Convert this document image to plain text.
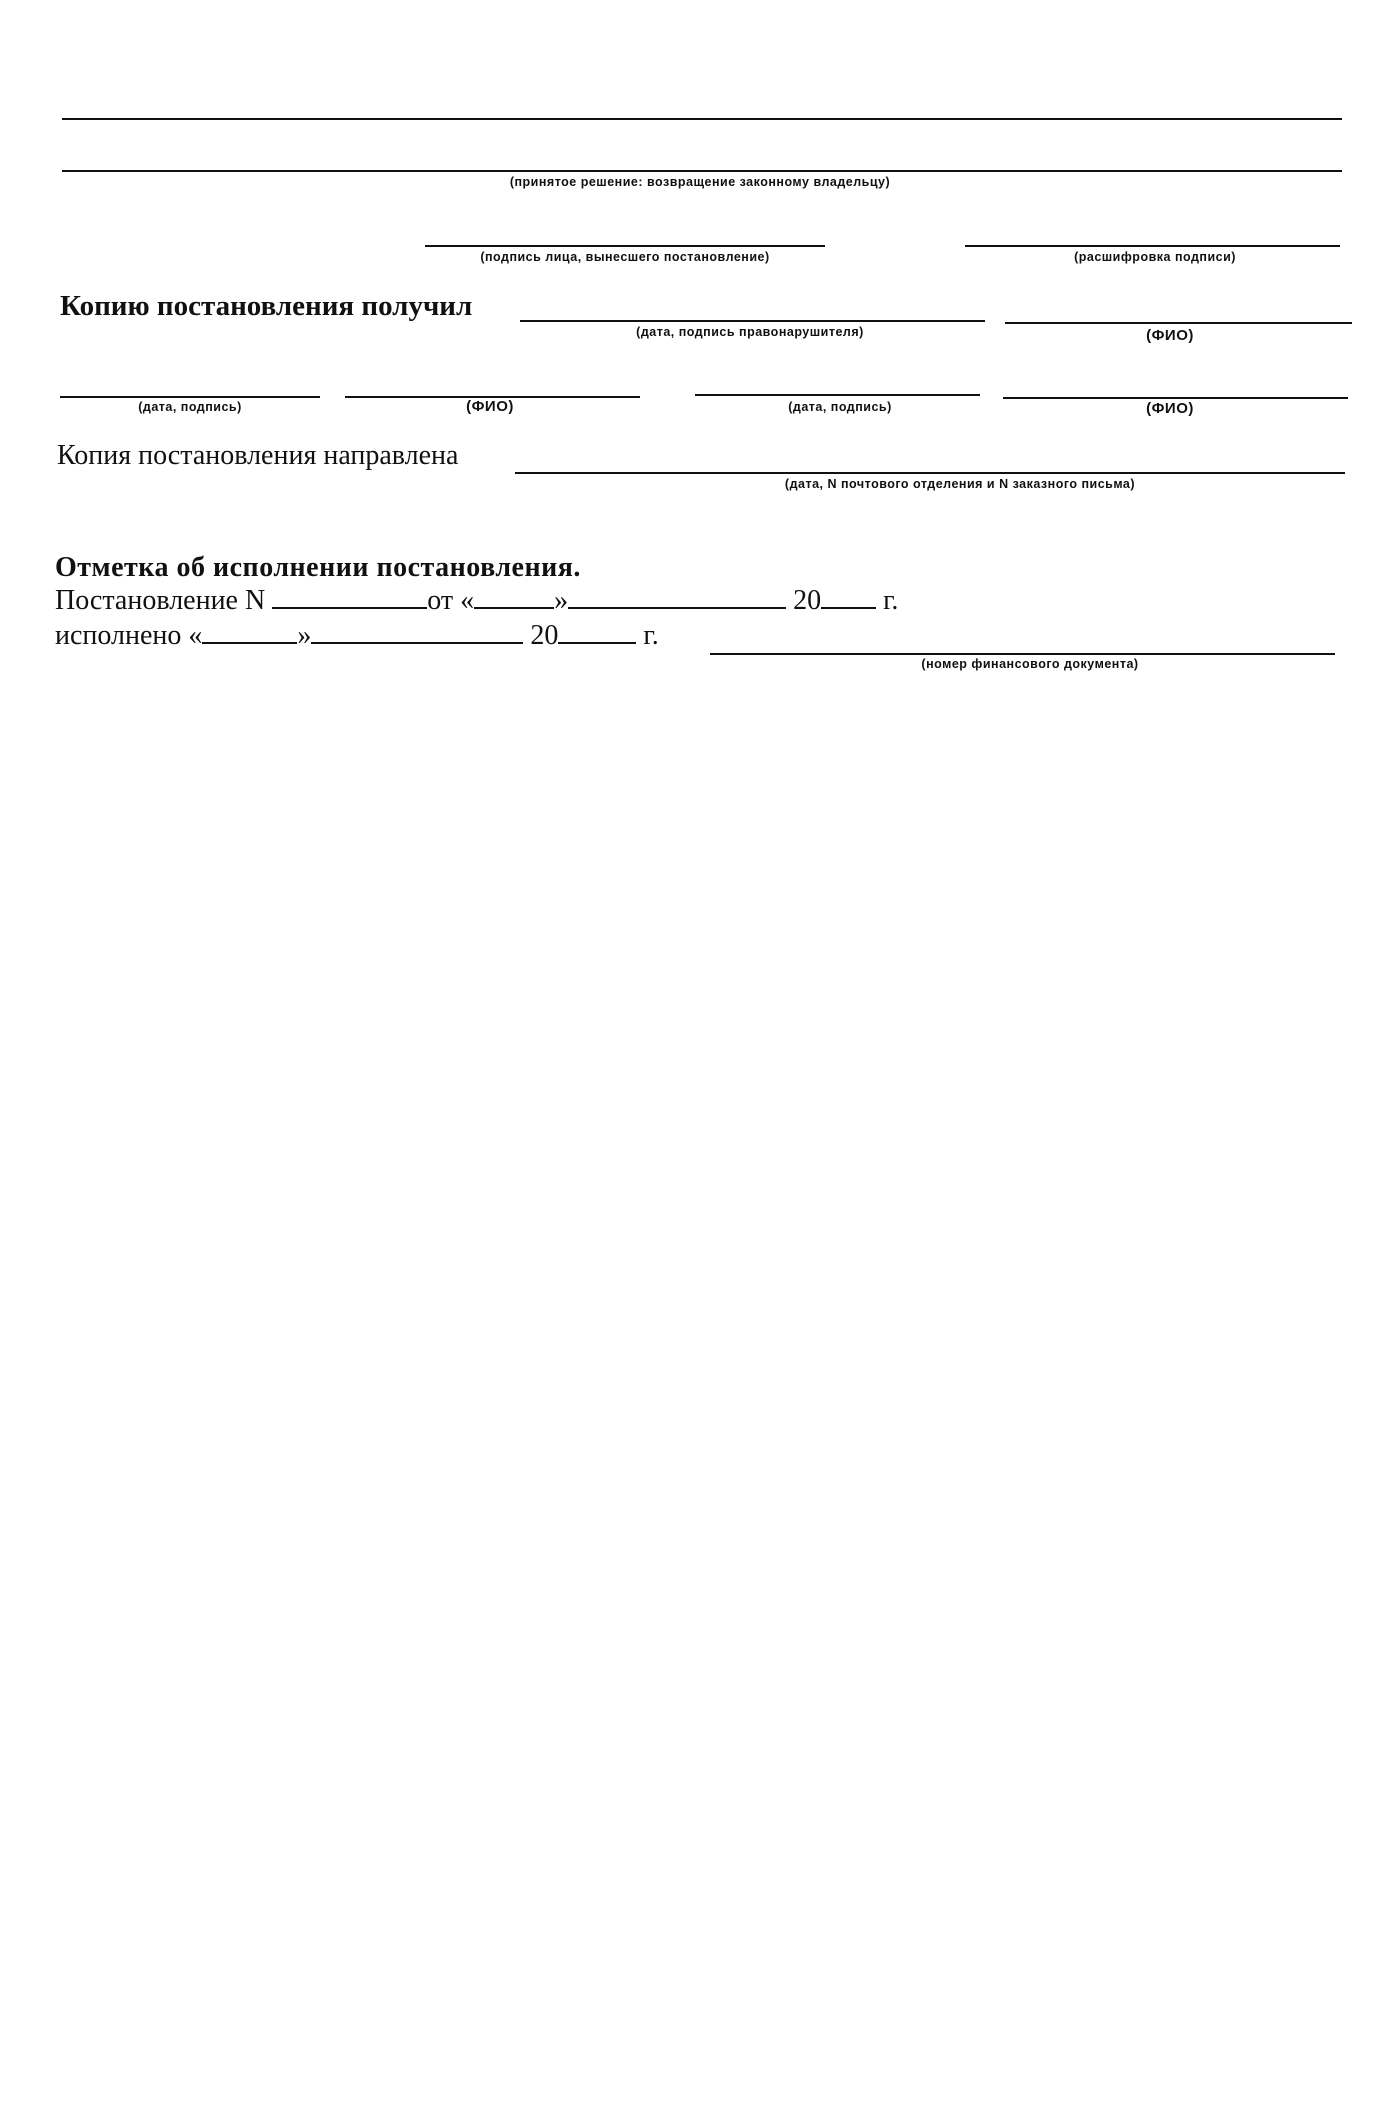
(принятое решение: возвращение законному владельцу)
(подпись лица, вынесшего постановление)	(расшифровка подписи)
Копию постановления получил
(дата, подпись правонарушителя)	(ФИО)
(дата, подпись)	(ФИО)	(дата, подпись)	(ФИО)
Копия постановления направлена
(дата, N почтового отделения и N заказного письма)
Отметка об исполнении постановления.
Постановление N	от «	»	20 г.
исполнено «	»	20	г.
(номер финансового документа)
